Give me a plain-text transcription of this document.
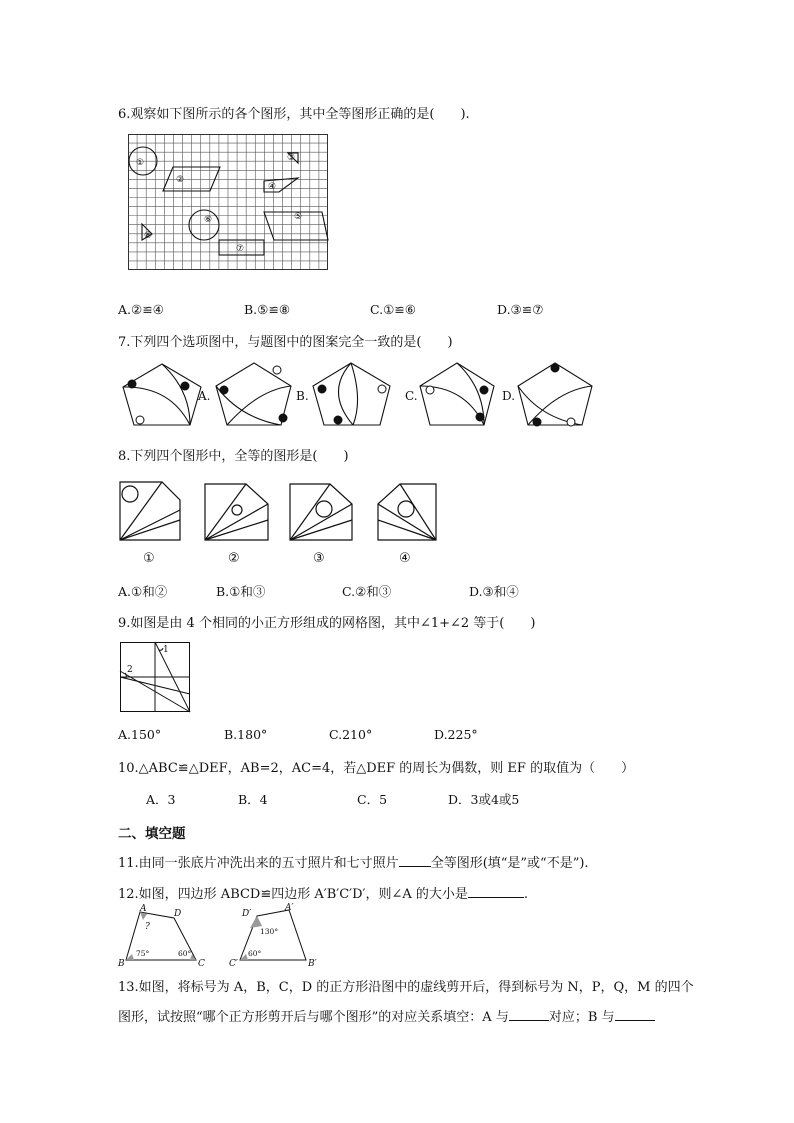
6.观察如下图所示的各个图形，其中全等图形正确的是(　　).
①
②
③
④
⑤
⑥
⑦
⑧
A.②≌④	B.⑤≌⑧	C.①≌⑥	D.③≌⑦
7.下列四个选项图中，与题图中的图案完全一致的是(　　)
A.	B.	C.	D.
8.下列四个图形中，全等的图形是(　　)
①	②	③	④
A.①和②	B.①和③	C.②和③	D.③和④
9.如图是由 4 个相同的小正方形组成的网格图，其中∠1+∠2 等于(　　)
1
2
A.150°	B.180°	C.210°	D.225°
10.△ABC≌△DEF，AB=2，AC=4，若△DEF 的周长为偶数，则 EF 的取值为（　　）
A．3	B．4	C．5	D．3或4或5
二、填空题
11.由同一张底片冲洗出来的五寸照片和七寸照片 全等图形(填“是”或“不是”).
12.如图，四边形 ABCD≌四边形 A′B′C′D′，则∠A 的大小是	.
A	D
B	C
?
D′
A′
C′	B′
75°	60°
130°
60°
13.如图，将标号为 A，B，C，D 的正方形沿图中的虚线剪开后，得到标号为 N，P，Q，M 的四个
图形，试按照“哪个正方形剪开后与哪个图形”的对应关系填空：A 与	对应；B 与
